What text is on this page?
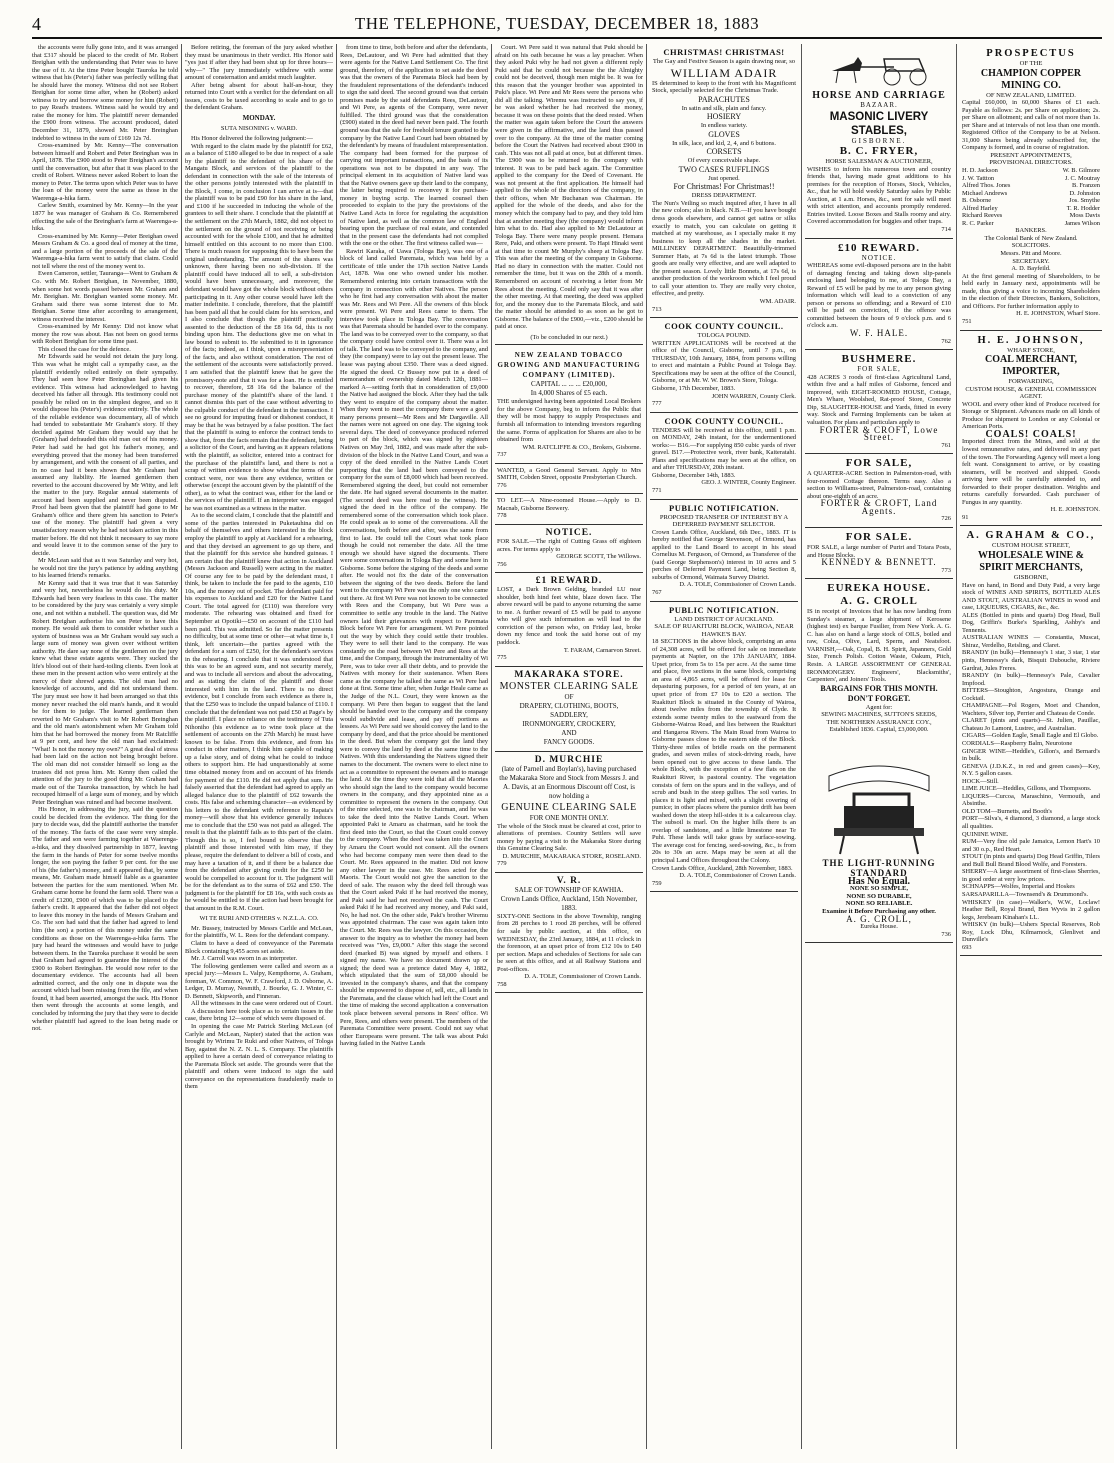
4	THE TELEPHONE, TUESDAY, DECEMBER 18, 1883

the accounts were fully gone into, and it was arranged that £317 should be placed to the credit of Mr. Robert Breighan with the understanding that Peter was to have the use of it. At the time Peter bought Tauroka he told witness that his (Peter's) father was perfectly willing that he should have the money. Witness did not see Robert Breighan for some time after, when he (Robert) asked witness to try and borrow some money for him (Robert) to pay Read's trustees. Witness said he would try and raise the money for him. The plaintiff never demanded the £900 from witness. The account produced, dated December 31, 1879, showed Mr. Peter Breinghan indebted to witness in the sum of £169 12s 7d.

Cross-examined by Mr. Kenny—The conversation between himself and Robert and Peter Breinghan was in April, 1878. The £900 stood to Peter Breighan's account until the conversation, but after that it was placed to the credit of Robert. Witness never asked Robert to loan the money to Peter. The terms upon which Peter was to have the loan of the money were the same as those in the Waerenga-a-hika farm.

Carlew Smith, examined by Mr. Kenny—In the year 1877 he was manager of Graham & Co. Remembered effecting the sale of the Breinghan's farm at Waerenga-a-hika.

Cross-examined by Mr. Kenny—Peter Breighan owed Messrs Graham & Co. a good deal of money at the time, and a large portion of the proceeds of the sale of the Waerenga-a-hika farm went to satisfy that claim. Could not tell where the rest of the money went to.

Ewen Cameron, settler, Tauranga—Went to Graham & Co. with Mr. Robert Breighan, in November, 1880, when some hot words passed between Mr. Graham and Mr. Breighan. Mr. Breighan wanted some money. Mr. Graham said there was some interest due to Mr. Breighan. Some time after according to arrangement, witness received the interest.

Cross-examined by Mr Kenny: Did not know what money the row was about. Has not been on good terms with Robert Breighan for some time past.

This closed the case for the defence.

Mr Edwards said he would not detain the jury long. This was what he might call a sympathy case, as the plaintiff evidently relied entirely on their sympathy. They had seen how Peter Breinghan had given his evidence. This witness had acknowledged to having deceived his father all through. His testimony could not possibly be relied on in the simplest degree, and so it would dispose his (Peter's) evidence entirely. The whole of the reliable evidence was documentary, all of which had tended to substantiate Mr Graham's story. If they decided against Mr Graham they would say that he (Graham) had defrauded this old man out of his money. Peter had said he had got his father's money, and everything proved that the money had been transferred by arrangement, and with the consent of all parties, and in no case had it been shown that Mr Graham had assumed any liability. He learned gentlemen then reverted to the account discovered by Mr Witty, and left the matter to the jury. Regular annual statements of account had been supplied and never been disputed. Proof had been given that the plaintiff had gone to Mr Graham's office and there given his sanction to Peter's use of the money. The plaintiff had given a very unsatisfactory reason why he had not taken action in this matter before. He did not think it necessary to say more and would leave it to the common sense of the jury to decide.

Mr McLean said that as it was Saturday and very hot, he would not tire the jury's patience by adding anything to his learned friend's remarks.

Mr Kenny said that it was true that it was Saturday and very hot, nevertheless he would do his duty. Mr Edwards had been very fearless in this case. The matter to be considered by the jury was certainly a very simple one, and not within a nutshell. The question was, did Mr Robert Breighan authorise his son Peter to have this money. He would ask them to consider whether such a system of business was as Mr Graham would say such a large sum of money was given over without written authority. He dare say none of the gentlemen on the jury knew what these estate agents were. They sucked the life's blood out of their hard-toiling clients. Even look at these men in the present action who were entirely at the mercy of their shrewd agents. The old man had no knowledge of accounts, and did not understand them. The jury must see how it had been arranged so that this money never reached the old man's hands, and it would be for them to judge. The learned gentleman then reverted to Mr Graham's visit to Mr Robert Breinghan and the old man's astonishment when Mr Graham told him that he had borrowed the money from Mr Ratcliffe at 9 per cent, and how the old man had exclaimed: "What! Is not the money my own?" A great deal of stress had been laid on the action not being brought before. The old man did not consider himself so long as the trustees did not press him. Mr. Kenny then called the attention of the jury to the good thing Mr. Graham had made out of the Tauroka transaction, by which he had recouped himself of a large sum of money, and by which Peter Breinghan was ruined and had become insolvent.

His Honor, in addressing the jury, said the question could be decided from the evidence. The thing for the jury to decide was, did the plaintiff authorise the transfer of the money. The facts of the case were very simple. The father and son were farming together at Waerenga-a-hika, and they dissolved partnership in 1877, leaving the farm in the hands of Peter for some twelve months longer, the son paying the father 9 per cent. for the use of his (the father's) money, and it appeared that, by some means, Mr. Graham made himself liable as a guarantee between the parties for the sum mentioned. When Mr. Graham came home he found the farm sold. There was a credit of £1200, £900 of which was to be placed to the father's credit. It appeared that the father did not object to leave this money in the hands of Messrs Graham and Co. The son had said that the father had agreed to lend him (the son) a portion of this money under the same conditions as those on the Waerenga-a-hika farm. The jury had heard the witnesses and would have to judge between them. In the Tauroka purchase it would be seen that Graham had agreed to guarantee the interest of the £900 to Robert Breinghan. He would now refer to the documentary evidence. The accounts had all been admitted correct, and the only one in dispute was the account which had been missing from the file, and when found, it had been asserted, amongst the sack. His Honor then went through the accounts at some length, and concluded by informing the jury that they were to decide whether plaintiff had agreed to the loan being made or not.

Before retiring, the foreman of the jury asked whether they must be unanimous in their verdict. His Honor said "yes just if after they had been shut up for three hours—why—" The jury immediately withdrew with some amount of consternation and amidst much laughter.

After being absent for about half-an-hour, they returned into Court with a verdict for the defendant on all issues, costs to be taxed according to scale and to go to the defendant Graham.

MONDAY.
SUTA NISONING v. WARD.

His Honor delivered the following judgment:—

With regard to the claim made by the plaintiff for £62, as a balance of £180 alleged to be due in respect of a sale by the plaintiff to the defendant of his share of the Mangatu Block, and services of the plaintiff to the defendant in connection with the sale of the interests of the other persons jointly interested with the plaintiff in the Block, I come, in conclusion I can arrive at is—that the plaintiff was to be paid £90 for his share in the land, and £100 if he succeeded in inducing the whole of the grantees to sell their share. I conclude that the plaintiff at the settlement on the 27th March, 1882, did not object to the settlement on the ground of not receiving or being accounted with for the whole £100, and that he admitted himself entitled on this account to no more than £100. There is much reason for supposing this to have been the original understanding. The amount of the shares was unknown, there having been no sub-division. If the plaintiff could have induced all to sell, a sub-division would have been unnecessary, and moreover, the defendant would have got the whole block without others participating in it. Any other course would have left the matter indefinite. I conclude, therefore, that the plaintiff has been paid all that he could claim for his services, and I also conclude that though the plaintiff practically assented to the deduction of the £8 16s 6d, this is not binding upon him. The deductions give me on what in law bound to submit to. He submitted to it in ignorance of the facts; indeed, as I think, upon a misrepresentation of the facts, and also without consideration. The rest of the settlement of the accounts were satisfactorily proved. I am satisfied that the plaintiff knew that he gave the promissory-note and that it was for a loan. He is entitled to recover, therefore, £8 16s 6d the balance of the purchase money of the plaintiff's share of the land. I cannot dismiss this part of the case without adverting to the culpable conduct of the defendant in the transaction. I see no ground for imputing fraud or dishonest conduct, it may be that he was betrayed by a false position. The fact that the plaintiff is suing to enforce the contract tends to show that, from the facts remain that the defendant, being a solicitor of the Court, and having as it appears relations with the plaintiff, as solicitor, entered into a contract for the purchase of the plaintiff's land, and there is not a scrap of written evidence to show what the terms of the contract were, nor was there any evidence, written or otherwise (except the account given by the plaintiff of the other), as to what the contract was, either for the land or the services of the plaintiff. If an interpreter was engaged he was not examined as a witness in the matter.

As to the second claim, I conclude that the plaintiff and some of the parties interested in Puketauhina did on behalf of themselves and others interested in the block employ the plaintiff to apply at Auckland for a rehearing, and that they devised an agreement to go up there, and that the plaintiff for this service she hundred guineas. I am certain that the plaintiff knew that action in Auckland (Messrs Jackson and Russell) were acting in the matter. Of course any fee to be paid by the defendant must, I think, be taken to include the fee paid to the agents, £10 10s, and the money out of pocket. The defendant paid for his expenses to Auckland and £20 for the Native Land Court. The total agreed for (£110) was therefore very moderate. The rehearing was obtained and fixed for September at Opotiki—£50 on account of the £110 had been paid. This was admitted. So far the matter presents no difficulty, but at some time or other—at what time is, I think, left uncertain—the parties agreed with the defendant for a sum of £250, for the defendant's services in the rehearing. I conclude that it was understood that this was to be an agreed sum, and not security merely, and was to include all services and about the advocating, and as stating the claim of the plaintiff and those interested with him in the land. There is no direct evidence, but I conclude from such evidence as there is, that the £250 was to include the unpaid balance of £110. I conclude that the defendant was not paid £50 at Page's by the plaintiff. I place no reliance on the testimony of Tuta Nihoniho (his evidence as to wine took place at the settlement of accounts on the 27th March) he must have known to be false. From this evidence, and from his conduct in other matters, I think him capable of making up a false story, and of doing what he could to induce others to support him. He had unquestionably at some time obtained money from and on account of his friends for payment of the £110. He did not apply that sum. He falsely asserted that the defendant had agreed to apply an alleged balance due to the plaintiff of £62 towards the costs. His false and scheming character—as evidenced by his letters to the defendant with reference to Rapata's money—will show that his evidence generally induces me to conclude that the £50 was not paid as alleged. The result is that the plaintiff fails as to this part of the claim. Though this is so, I feel bound to observe that the plaintiff and those interested with him may, if they please, require the defendant to deliver a bill of costs, and may have a taxation of it, and if there be a balance due from the defendant after giving credit for the £250 he would be compelled to account for it. The judgment will be for the defendant as to the sums of £62 and £50. The judgment is for the plaintiff for £8 16s, with such costs as he would be entitled to if the action had been brought for that amount in the R.M. Court.

WI TE RURI AND OTHERS v. N.Z.L.A. CO.

Mr. Bussey, instructed by Messrs Carlile and McLean, for the plaintiffs, W. L. Rees for the defendant company.

Claim to have a deed of conveyance of the Paremata Block containing 9,455 acres set aside.

Mr. J. Carroll was sworn in as interpreter.

The following gentlemen were called and sworn as a special jury:—Messrs L. Valpy, Kempthorne, A. Graham, foreman, W. Common, W. F. Crawford, J. D. Osborne, A. Ledger, D. Murray, Nesmith, J. Bourke, G. J. Winter, C. D. Bennett, Skipworth, and Finneran.

All the witnesses in the case were ordered out of Court.

A discussion here took place as to certain issues in the case, there bring 12—some of which were disposed of.

In opening the case Mr Patrick Sterling McLean (of Carlyle and McLean, Napier) stated that the action was brought by Wirimu Te Ruki and other Natives, of Tologa Bay, against the N. Z. N. L. S. Company. The plaintiffs applied to have a certain deed of conveyance relating to the Paremata Block set aside. The grounds were that the plaintiff and others were induced to sign the said conveyance on the representations fraudulently made to them

from time to time, both before and after the defendants, Rees, DeLautour, and Wi Pere had admitted that they were agents for the Native Land Settlement Co. The first ground, therefore, of the application to set aside the deed was that the owners of the Paremata Block had been by the fraudulent representations of the defendant's induced to sign the said deed. The second ground was that certain promises made by the said defendants Rees, DeLautour, and Wi Pere, as agents of the Company, were never fulfilled. The third ground was that the consideration (£900) stated in the deed had never been paid. The fourth ground was that the sale for freehold tenure granted to the company by the Native Land Court had been obtained by the defendant's by means of fraudulent misrepresentation. The company had been formed for the purpose of carrying out important transactions, and the basis of its operations was not to be disputed in any way. The principal element in its acquisition of Native land was that the Native owners gave up their land to the company, the latter being required to reconvey it for purchase-money in buying scrip. The learned counsel then proceeded to explain to the jury the provisions of the Native Land Acts in force for regulating the acquisition of Native land, as well as the common law of England bearing upon the purchase of real estate, and contended that in the present case the defendants had not complied with the one or the other. The first witness called was—

Rawiri Karaka, of Uawa (Tologa Bay), was one of a block of land called Paremata, which was held by a certificate of title under the 17th section Native Lands Act, 1878. Was one who owned under his mother. Remembered entering into certain transactions with the company in connection with other Natives. The person who he first had any conversation with about the matter was Mr. Rees and Wi Pere. All the owners of this block were present. Wi Pere and Rees came to them. The interview took place in Tologa Bay. The conversation was that Paremata should be handed over to the company. The land was to be conveyed over to the company, so that the company could have control over it. There was a lot of talk. The land was to be conveyed to the company, and they (the company) were to lay out the present lease. The lease was paying about £350. There was a deed signed. He signed the deed. Cr Bussey now put in a deed of memorandum of ownership dated March 12th, 1881—marked A—setting forth that in consideration of £9,000 the Native had assigned the block. After they had the talk they went to enquire of the company about the matter. When they went to meet the company there were a good many persons present—Mr Rees and Mr Dargaville. All the names were not agreed on one day. The signing took several days. The deed of conveyance produced referred to part of the block, which was signed by eighteen Natives on May 3rd, 1882, and was made after the sub-division of the block in the Native Land Court, and was a copy of the deed enrolled in the Native Lands Court purporting that the land had been conveyed to the company for the sum of £8,000 which had been received. Remembered signing the deed, but could not remember the date. He had signed several documents in the matter. (The second deed was here read to the witness). He signed the deed in the office of the company. He remembered some of the conversation which took place. He could speak as to some of the conversations. All the conversations, both before and after, was the same from first to last. He could tell the Court what took place though he could not remember the date. All the time enough we should have signed the documents. There were some conversations in Tologa Bay and some here in Gisborne. Some before the signing of the deeds and some after. He would not fix the date of the conversation between the signing of the two deeds. Before the land went to the company Wi Pere was the only one who came out there. At first Wi Pere was not known to be connected with Rees and the Company, but Wi Pere was a committee to settle any trouble in the land. The Native owners laid their grievances with respect to Paremata Block before Wi Pere for arrangement. Wi Pere pointed out the way by which they could settle their troubles. They were to sell their land to the company. He was constantly on the road between Wi Pere and Rees at the time, and the Company, through the instrumentality of Wi Pere, was to take over all their debts, and to provide the Natives with money for their sustenance. When Rees came as the company he talked the same as Wi Pere had done at first. Some time after, when Judge Heale came as the Judge of the N.L. Court, they were known as the company. Wi Pere then began to suggest that the land should be handed over to the company and the company would subdivide and lease, and pay off portions as lessees. As Wi Pere said we should convey the land to the company by deed, and that the price should be mentioned in the deed. But when the company got the land they were to convey the land by deed at the same time to the Natives. With this understanding the Natives signed their names to the document. The owners were to elect nine to act as a committee to represent the owners and to manage the land. At the time they were told that all the Maories who should sign the land to the company would become owners in the company, and they appointed nine as a committee to represent the owners in the company. Out of the nine selected, one was to be chairman, and he was to take the deed into the Native Lands Court. When appointed Paki te Amaru as chairman, said he took the first deed into the Court, so that the Court could convey to the company. When the deed was taken into the Court by Amaru the Court would not consent. All the owners who had become company men were then dead to the Court. Mr. Rees appeared in the matter. Did not know any other lawyer in the case. Mr. Rees acted for the Maoris. The Court would not give the sanction to the deed of sale. The reason why the deed fell through was that the Court asked Paki if he had received the money, and Paki said he had not received the cash. The Court asked Paki if he had received any money, and Paki said, No, he had not. On the other side, Paki's brother Wiremu was appointed chairman. The case was again taken into the Court. Mr. Rees was the lawyer. On this occasion, the answer to the inquiry as to whether the money had been received was "Yes, £9,000." After this stage the second deed (marked B) was signed by myself and others. I signed my name. We have no document drawn up or signed; the deed was a pretence dated May 4, 1882, which stipulated that the sum of £8,000 should be invested in the company's shares, and that the company should be empowered to dispose of, sell, etc., all lands in the Paremata, and the clause which had left the Court and the time of making the second application a conversation took place between several persons in Rees' office. Wi Pere, Rees, and others were present. The members of the Paremata Committee were present. Could not say what other Europeans were present. The talk was about Puki having failed in the Native Lands

Court. Wi Pere said it was natural that Puki should be afraid on his oath because he was a lay preacher. When they asked Puki why he had not given a different reply Puki said that he could not because the the Almighty could not be deceived, though men might be. It was for this reason that the younger brother was appointed in Puki's place. Wi Pere and Mr Rees were the persons who did all the talking. Wiremu was instructed to say yes, if he was asked whether he had received the money, because it was on these points that the deed rested. When the matter was again taken before the Court the answers were given in the affirmative, and the land thus passed over to the company. At the time of the matter coming before the Court the Natives had received about £900 in cash. This was not all paid at once, but at different times. The £900 was to be returned to the company with interest. It was to be paid back again. The Committee applied to the company for the Deed of Covenant. He was not present at the first application. He himself had applied to the whole of the directors of the company, in their offices, when Mr Buchanan was Chairman. He applied for the whole of the deeds, and also for the money which the company had to pay, and they told him that at another meeting they (the company) would inform him what to do. Had also applied to Mr DeLautour at Tologa Bay. There were many people present. Hemara Rere, Paki, and others were present. To Hapi Hinaki went at that time to count Mr Murphy's sheep at Tologa Bay. This was after the meeting of the company in Gisborne. Had no diary in connection with the matter. Could not remember the time, but it was on the 28th of a month. Remembered on account of receiving a letter from Mr Rees about the meeting. Could only say that it was after the other meeting. At that meeting, the deed was applied for, and the money due to the Paremata Block, and said the matter should be attended to as soon as he got to Gisborne. The balance of the £900,—viz., £200 should be paid at once.

(To be concluded in our next.)
NEW ZEALAND TOBACCO GROWING AND MANUFACTURING COMPANY (LIMITED).
CAPITAL ... ... ... £20,000,
In 4,000 Shares of £5 each.
THE undersigned having been appointed Local Brokers for the above Company, beg to inform the Public that they will be most happy to supply Prospectuses and furnish all information to intending investors regarding the same. Forms of application for Shares are also to be obtained from
WM. RATCLIFFE & CO., Brokers, Gisborne.
737
WANTED, a Good General Servant. Apply to Mrs SMITH, Cobden Street, opposite Presbyterian Church.
776
TO LET.—A Nine-roomed House.—Apply to D. Macnab, Gisborne Brewery.
778
NOTICE.
FOR SALE.—The right of Cutting Grass off eighteen acres. For terms apply to
GEORGE SCOTT, The Willows.
756
£1 REWARD.
LOST, a Dark Brown Gelding, branded LU near shoulder, both hind feet white, blaze down face. The above reward will be paid to anyone returning the same to me. A further reward of £5 will be paid to anyone who will give such information as will lead to the conviction of the person who, on Friday last, broke down my fence and took the said horse out of my paddock.
T. FARAM, Carnarvon Street.
775
MAKARAKA STORE.
MONSTER CLEARING SALE
OF
DRAPERY, CLOTHING, BOOTS,
SADDLERY,
IRONMONGERY, CROCKERY,
AND
FANCY GOODS.
D. MURCHIE
(late of Parnell and Boylan's), having purchased the Makaraka Store and Stock from Messrs J. and A. Davis, at an Enormous Discount off Cost, is now holding a
GENUINE CLEARING SALE
FOR ONE MONTH ONLY.
The whole of the Stock must be cleared at cost, prior to alterations of premises. Country Settlers will save money by paying a visit to the Makaraka Store during this Genuine Clearing Sale.
D. MURCHIE, MAKARAKA STORE, ROSELAND.
779
V. R.
SALE OF TOWNSHIP OF KAWHIA.
Crown Lands Office, Auckland, 15th November, 1883.
SIXTY-ONE Sections in the above Township, ranging from 28 perches to 1 rood 28 perches, will be offered for sale by public auction, at this office, on WEDNESDAY, the 23rd January, 1884, at 11 o'clock in the forenoon, at an upset price of from £12 10s to £40 per section. Maps and schedules of Sections for sale can be seen at this office, and at all Railway Stations and Post-offices.
D. A. TOLE, Commissioner of Crown Lands.
758
CHRISTMAS! CHRISTMAS!
The Gay and Festive Season is again drawing near, so
WILLIAM ADAIR
IS determined to keep to the front with his Magnificent Stock, specially selected for the Christmas Trade.
PARACHUTES
In satin and silk, plain and fancy.
HOSIERY
In endless variety.
GLOVES
In silk, lace, and kid, 2, 4, and 6 buttons.
CORSETS
Of every conceivable shape.
TWO CASES RUFFLINGS
Just opened.
For Christmas! For Christmas!!
DRESS DEPARTMENT.
The Nun's Veiling so much inquired after, I have in all the new colors; also in black. N.B.—If you have bought dress goods elsewhere, and cannot get satins or silks exactly to match, you can calculate on getting it matched at my warehouse, as I specially make it my business to keep all the shades in the market. MILLINERY DEPARTMENT. Beautifully-trimmed Summer Hats, at 7s 6d is the latest triumph. Those goods are really very effective, and are well adapted to the present season. Lovely little Bonnets, at 17s 6d, is another production of the workroom which I feel proud to call your attention to. They are really very choice, effective, and pretty.
WM. ADAIR.
713
COOK COUNTY COUNCIL.
TOLOGA POUND.
WRITTEN APPLICATIONS will be received at the office of the Council, Gisborne, until 7 p.m., on THURSDAY, 10th January, 1884, from persons willing to erect and maintain a Public Pound at Tologa Bay. Specifications may be seen at the office of the Council, Gisborne, or at Mr. W. W. Brown's Store, Tologa.
Gisborne, 17th December, 1883.
JOHN WARREN, County Clerk.
777
COOK COUNTY COUNCIL.
TENDERS will be received at this office, until 1 p.m. on MONDAY, 24th instant, for the undermentioned works:— B16.—For supplying 850 cubic yards of river gravel. B17.—Protective work, river bank, Kaiteratahi. Plans and specifications may be seen at the office, on and after THURSDAY, 20th instant.
Gisborne, December 14th, 1883.
GEO. J. WINTER, County Engineer.
771
PUBLIC NOTIFICATION.
PROPOSED TRANSFER OF INTEREST BY A DEFERRED PAYMENT SELECTOR.
Crown Lands Office, Auckland, 6th Dec., 1883. IT is hereby notified that George Stevenson, of Ormond, has applied to the Land Board to accept in his stead Cornelius M. Ferguson, of Ormond, as Transferee of the (said George Stephenson's) interest in 10 acres and 5 perches of Deferred Payment Land, being Section 8, suburbs of Ormond, Waimata Survey District.
D. A. TOLE, Commissioner of Crown Lands.
767
PUBLIC NOTIFICATION.
LAND DISTRICT OF AUCKLAND.
SALE OF RUAKITURI BLOCK, WAIROA, NEAR HAWKE'S BAY.
18 SECTIONS in the above block, comprising an area of 24,308 acres, will be offered for sale on immediate payments at Napier, on the 17th JANUARY, 1884. Upset price, from 5s to 15s per acre. At the same time and place, five sections in the same block, comprising an area of 4,865 acres, will be offered for lease for depasturing purposes, for a period of ten years, at an upset price of from £7 10s to £20 a section. The Ruakituri Block is situated in the County of Wairoa, about twelve miles from the township of Clyde. It extends some twenty miles to the eastward from the Gisborne-Wairoa Road, and lies between the Ruakituri and Hangaroa Rivers. The Main Road from Wairoa to Gisborne passes close to the eastern side of the Block. Thirty-three miles of bridle roads on the permanent grades, and seven miles of stock-driving roads, have been opened out to give access to these lands. The whole Block, with the exception of a few flats on the Ruakituri River, is pastoral country. The vegetation consists of fern on the spurs and in the valleys, and of scrub and bush in the steep gullies. The soil varies. In places it is light and mixed, with a slight covering of pumice; in other places where the pumice drift has been washed down the steep hill-sides it is a calcareous clay. The subsoil is marl. On the higher hills there is an overlap of sandstone, and a little limestone near Te Puhi. These lands will take grass by surface-sowing. The average cost for fencing, seed-sowing, &c., is from 20s to 30s an acre. Maps may be seen at all the principal Land Offices throughout the Colony.
Crown Lands Office, Auckland, 28th November, 1883.
D. A. TOLE, Commissioner of Crown Lands.
759
HORSE AND CARRIAGE
BAZAAR.
MASONIC LIVERY STABLES,
GISBORNE.
B. C. FRYER,
HORSE SALESMAN & AUCTIONEER,
WISHES to inform his numerous town and country friends that, having made great additions to his premises for the reception of Horses, Stock, Vehicles, &c., that he will hold weekly Saturday sales by Public Auction, at 1 a.m. Horses, &c., sent for sale will meet with strict attention, and accounts promptly rendered. Entries invited. Loose Boxes and Stalls roomy and airy. Covered accommodation for buggies and other traps.
714
£10 REWARD.
NOTICE.
WHEREAS some evil-disposed persons are in the habit of damaging fencing and taking down slip-panels enclosing land belonging to me, at Tologa Bay, a Reward of £5 will be paid by me to any person giving information which will lead to a conviction of any person or persons so offending; and a Reward of £10 will be paid on conviction, if the offence was committed between the hours of 9 o'clock p.m. and 6 o'clock a.m.
W. F. HALE.
762
BUSHMERE.
FOR SALE,
428 ACRES 3 roods of first-class Agricultural Land, within five and a half miles of Gisborne, fenced and improved, with EIGHT-ROOMED HOUSE, Cottage, Men's Whare, Woolshed, Rat-proof Store, Concrete Dip, SLAUGHTER-HOUSE and Yards, fitted in every way. Stock and Farming Implements can be taken at valuation. For plans and particulars apply to
FORTER & CROFT, Lowe Street.
761
FOR SALE,
A QUARTER-ACRE Section in Palmerston-road, with four-roomed Cottage thereon. Terms easy. Also a section to Williams-street, Palmerston-road, containing about one-eighth of an acre.
FORTER & CROFT, Land Agents.
726
FOR SALE.
FOR SALE, a large number of Puriri and Totara Posts, and House Blocks.
KENNEDY & BENNETT.
773
EUREKA HOUSE.
A. G. CROLL
IS in receipt of Invoices that he has now landing from Sunday's steamer, a large shipment of Kerosene (highest test) ex barque Fusilier, from New York. A. G. C. has also on hand a large stock of OILS, boiled and raw, Colza, Olive, Lard, Sperm, and Neatsfoot. VARNISH,—Oak, Copal, B. H. Spirit, Japanners, Gold Size, French Polish. Cotton Waste, Oakum, Pitch, Resin. A LARGE ASSORTMENT OF GENERAL IRONMONGERY. Engineers', Blacksmiths', Carpenters', and Joiners' Tools.
BARGAINS FOR THIS MONTH.
DON'T FORGET.
Agent for:
SEWING MACHINES, SUTTON'S SEEDS,
THE NORTHERN ASSURANCE COY.,
Established 1836. Capital, £3,000,000.
THE LIGHT-RUNNING STANDARD
Has No Equal.
NONE SO SIMPLE,
NONE SO DURABLE,
NONE SO RELIABLE.
Examine it Before Purchasing any other.
A. G. CROLL,
Eureka House.
736
PROSPECTUS
OF THE
CHAMPION COPPER MINING CO.
OF NEW ZEALAND, LIMITED.
Capital £60,000, in 60,000 Shares of £1 each. Payable as follows: 2s. per Share on application; 2s. per Share on allotment; and calls of not more than 1s. per Share and at intervals of not less than one month. Registered Office of the Company to be at Nelson. 31,000 Shares being already subscribed for, the Company is formed, and in course of registration.
PRESENT APPOINTMENTS,
PROVISIONAL DIRECTORS.
H. D. Jackson	W. B. Gilmore
J. W. Tattton	J. C. Moutray
Alfred Thos. Jones	B. Franzen
Michael Andrews	D. Johnston
B. Osborne	Jos. Smythe
Alfred Harley	T. R. Hodder
Richard Reeves	Moss Davis
R. C. Parker	James Wilson
BANKERS.
The Colonial Bank of New Zealand.
SOLICITORS.
Messrs. Pitt and Moore.
SECRETARY.
A. D. Bayfeild.
At the first general meeting of Shareholders, to be held early in January next, appointments will be made, thus giving a voice to incoming Shareholders in the election of their Directors, Bankers, Solicitors, and Officers. For further information apply to
H. E. JOHNSTON, Wharf Store.
751
H. E. JOHNSON,
WHARF STORE,
COAL MERCHANT, IMPORTER,
FORWARDING,
CUSTOM HOUSE, & GENERAL COMMISSION AGENT.
WOOL and every other kind of Produce received for Storage or Shipment. Advances made on all kinds of Produce for shipment to London or any Colonial or American Ports.
COALS! COALS!
Imported direct from the Mines, and sold at the lowest remunerative rates, and delivered in any part of the town. The Forwarding Agency will meet a long felt want. Consignment to arrive, or by coasting steamers, will be received and shipped. Goods arriving here will be carefully attended to, and forwarded to their proper destination. Weights and returns carefully forwarded. Cash purchaser of Fungus in any quantity.
H. E. JOHNSTON.
91
A. GRAHAM & CO.,
CUSTOM HOUSE STREET,
WHOLESALE WINE & SPIRIT MERCHANTS,
GISBORNE,
Have on hand, in Bond and Duty Paid, a very large stock of WINES AND SPIRITS, BOTTLED ALES AND STOUT, AUSTRALIAN WINES in wood and case, LIQUEURS, CIGARS, &c., &c.
ALES (Bottled in pints and quarts) Dog Head, Bull Dog, Griffin's Burke's Sparkling, Ashby's and Tennents.
AUSTRALIAN WINES — Constantia, Muscat, Shiraz, Verdelho, Reisling, and Claret.
BRANDY (in bulk)—Hennessy's 1 star, 3 star, 1 star pints, Hennessy's dark, Bisquit Dubouche, Riviere Gardrat, Jules Freres.
BRANDY (in bulk)—Hennessy's Pale, Cavalier Impfood.
BITTERS—Stoughton, Angostura, Orange and Cocktail.
CHAMPAGNE—Pol Rogers, Moet and Chandon, Wachters, Silver top, Perrier and Chateau de Conde.
CLARET (pints and quarts)—St. Julien, Pauillac, Chateau Jo Lamont, Lustrec, and Australian.
CIGARS—Golden Eagle, Small Eagle and El Globo.
CORDIALS—Raspberry Balm, Neurotone
GINGER WINE—Heddle's, Gillon's, and Bernard's in bulk.
GENEVA (J.D.K.Z., in red and green cases)—Key, N.Y. 5 gallon cases.
HOCK—Still.
LIME JUICE—Heddles, Gillons, and Thompsons.
LIQUERS—Curcoa, Maraschino, Vermouth, and Absinthe.
OLD TOM—Burnetts, and Booth's
PORT—Silva's, 4 diamond, 3 diamond, a large stock all qualities.
QUININE WINE.
RUM—Very fine old pale Jamaica, Lemon Hart's 10 and 30 o.p., Red Heart.
STOUT (in pints and quarts) Dog Head Griffin, Tilers and Bull Bull Brand Blood Wolfe, and Foresters.
SHERRY—A large assortment of first-class Sherries, in good order at very low prices.
SCHNAPPS—Wolfes, Imperial and Hoskes
SARSAPARILLA—Townsend's & Drummond's.
WHISKEY (in case)—Walker's, W.W., Loclaw! Heather Bell, Royal Brand, Ben Wyvis in 2 gallon kegs, Jerebeam Kinahan's LL.
WHISKY (in bulk)—Ushers Special Reserves, Rob Roy, Lock Dhu, Kilmarnock, Glenlivet and Dunville's
693
